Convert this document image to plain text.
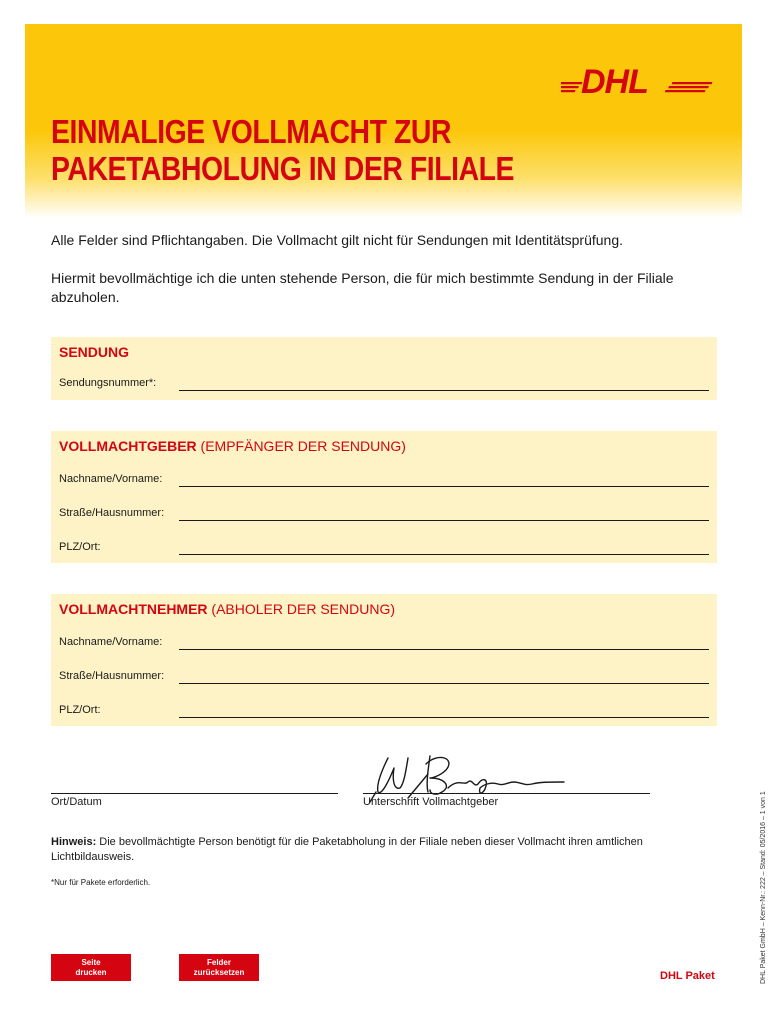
DHL
EINMALIGE VOLLMACHT ZUR
PAKETABHOLUNG IN DER FILIALE

Alle Felder sind Pflichtangaben. Die Vollmacht gilt nicht für Sendungen mit Identitätsprüfung.

Hiermit bevollmächtige ich die unten stehende Person, die für mich bestimmte Sendung in der Filiale abzuholen.

SENDUNG
Sendungsnummer*:
VOLLMACHTGEBER (EMPFÄNGER DER SENDUNG)
Nachname/Vorname:
Straße/Hausnummer:
PLZ/Ort:
VOLLMACHTNEHMER (ABHOLER DER SENDUNG)
Nachname/Vorname:
Straße/Hausnummer:
PLZ/Ort:
Ort/Datum	Unterschrift Vollmachtgeber

Hinweis: Die bevollmächtigte Person benötigt für die Paketabholung in der Filiale neben dieser Vollmacht ihren amtlichen Lichtbildausweis.

*Nur für Pakete erforderlich.

Seite
drucken
Felder
zurücksetzen	DHL Paket	DHL Paket GmbH – Kenn-Nr.: 222 – Stand: 05/2016 – 1 von 1
